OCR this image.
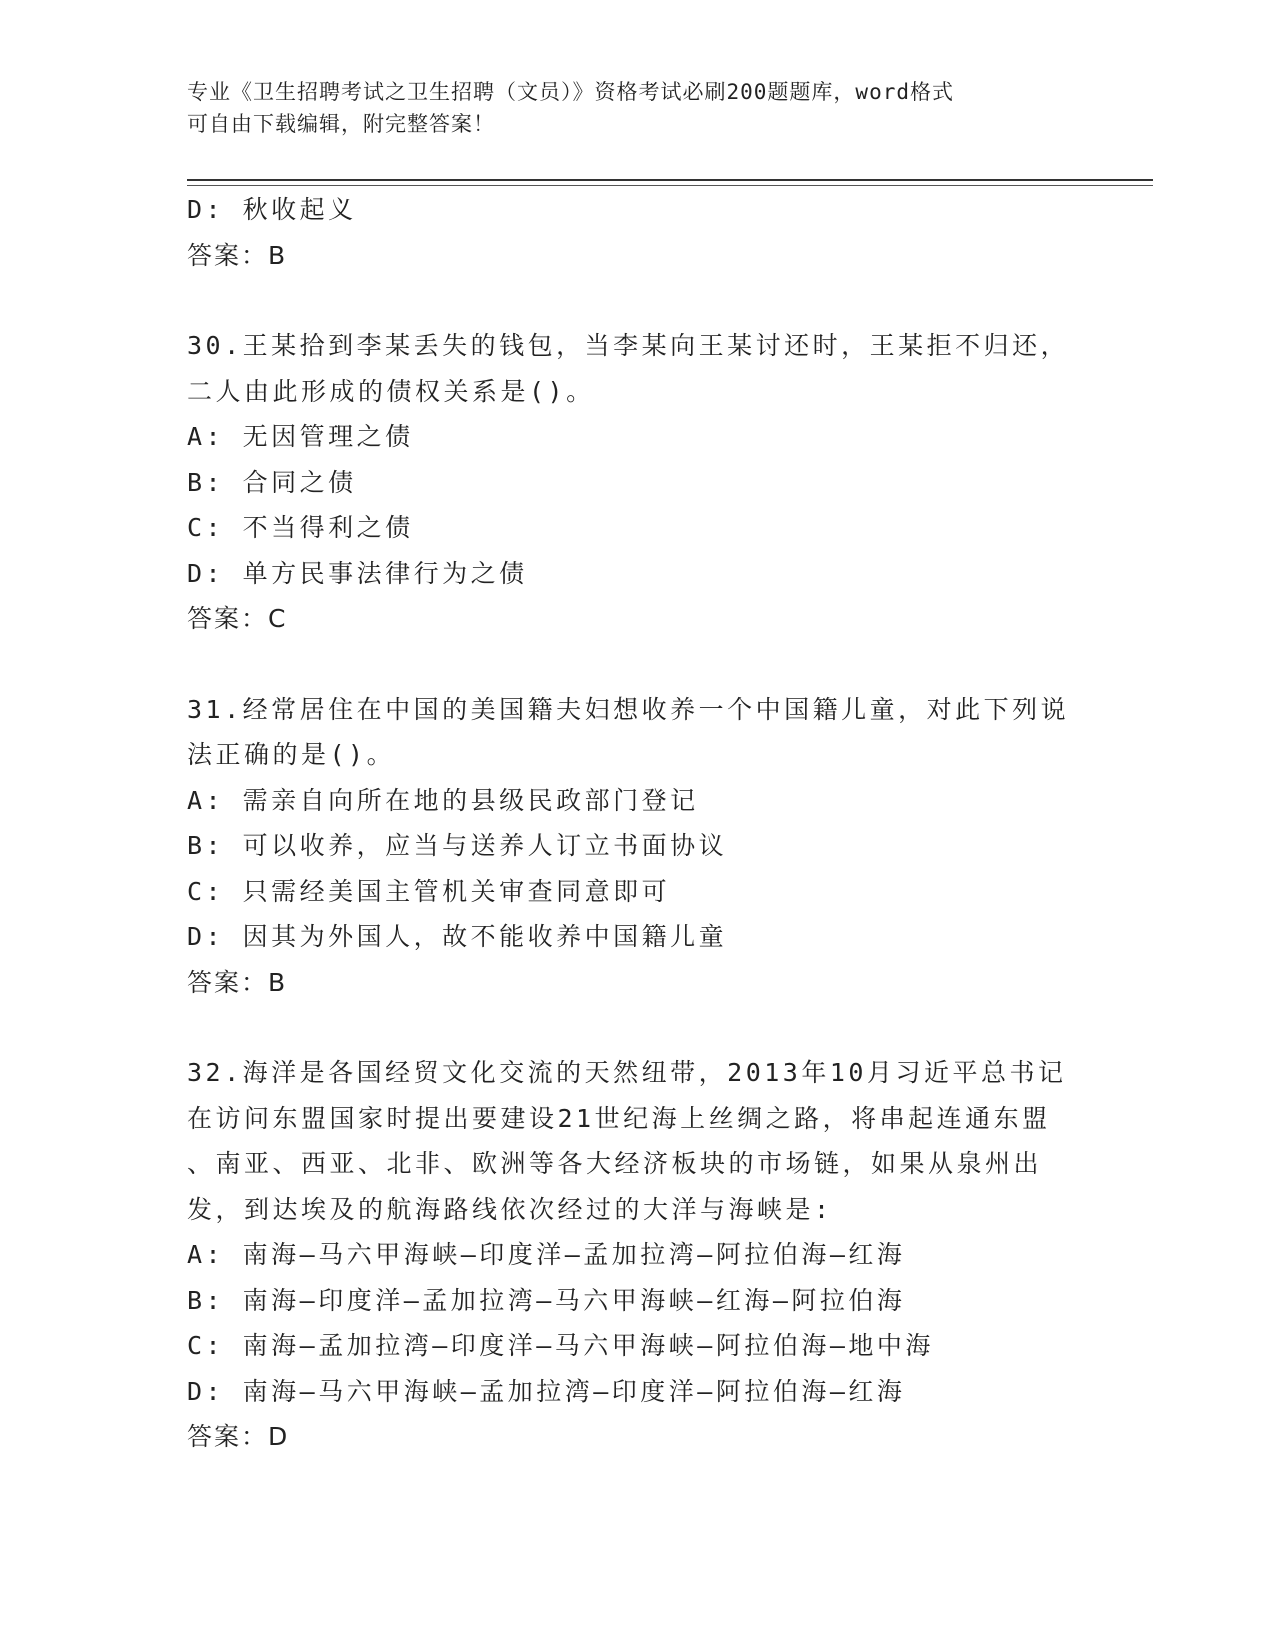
专业《卫生招聘考试之卫生招聘（文员）》资格考试必刷200题题库，word格式
可自由下载编辑，附完整答案！
D: 秋收起义
答案：B
30.王某拾到李某丢失的钱包，当李某向王某讨还时，王某拒不归还，
二人由此形成的债权关系是()。
A: 无因管理之债
B: 合同之债
C: 不当得利之债
D: 单方民事法律行为之债
答案：C
31.经常居住在中国的美国籍夫妇想收养一个中国籍儿童，对此下列说
法正确的是()。
A: 需亲自向所在地的县级民政部门登记
B: 可以收养，应当与送养人订立书面协议
C: 只需经美国主管机关审查同意即可
D: 因其为外国人，故不能收养中国籍儿童
答案：B
32.海洋是各国经贸文化交流的天然纽带，2013年10月习近平总书记
在访问东盟国家时提出要建设21世纪海上丝绸之路，将串起连通东盟
、南亚、西亚、北非、欧洲等各大经济板块的市场链，如果从泉州出
发，到达埃及的航海路线依次经过的大洋与海峡是:
A: 南海—马六甲海峡—印度洋—孟加拉湾—阿拉伯海—红海
B: 南海—印度洋—孟加拉湾—马六甲海峡—红海—阿拉伯海
C: 南海—孟加拉湾—印度洋—马六甲海峡—阿拉伯海—地中海
D: 南海—马六甲海峡—孟加拉湾—印度洋—阿拉伯海—红海
答案：D
